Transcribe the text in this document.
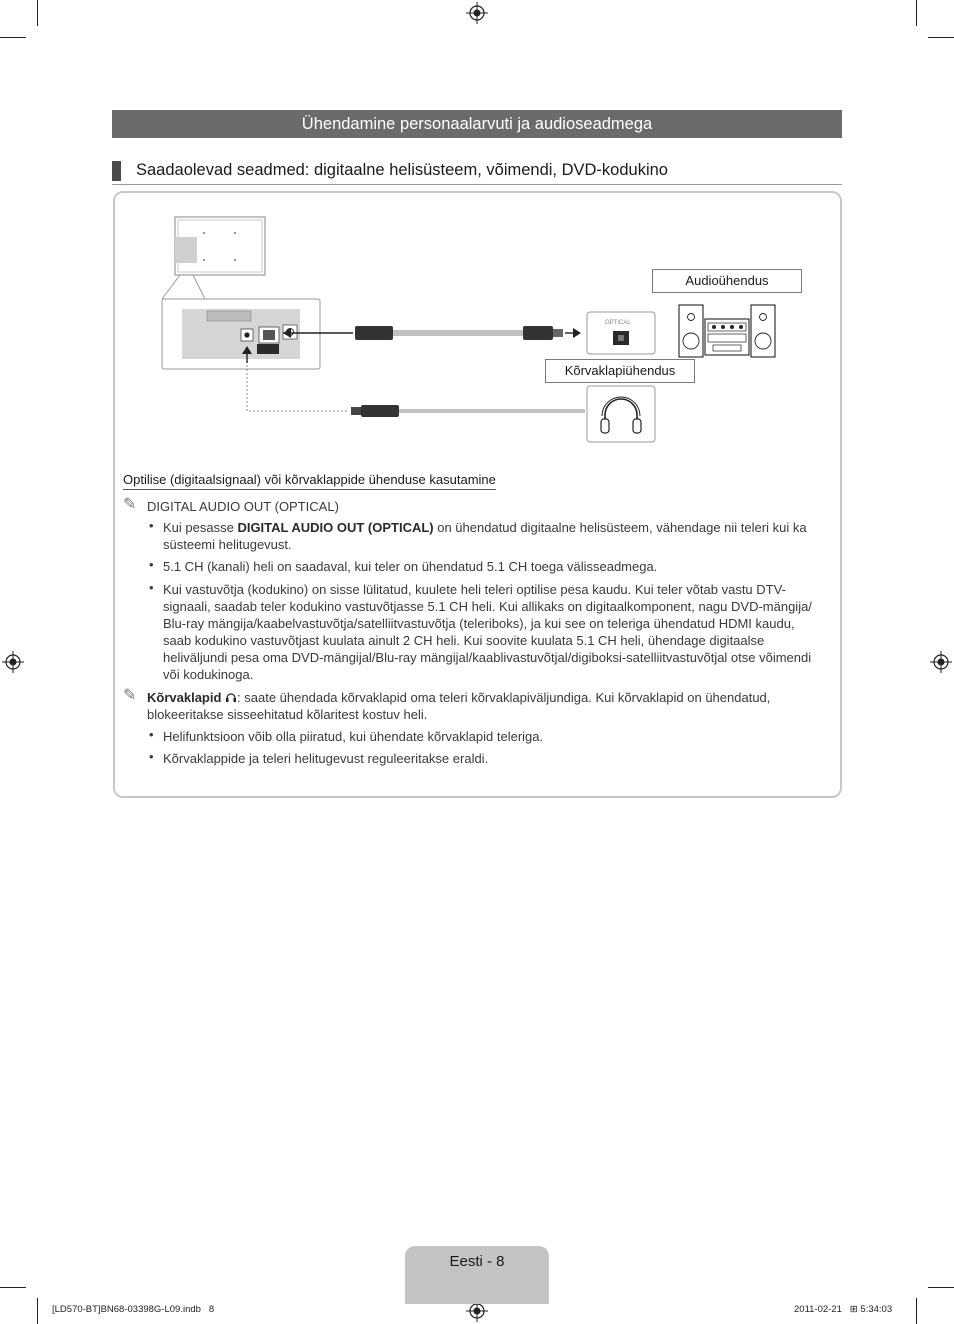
Ühendamine personaalarvuti ja audioseadmega
Saadaolevad seadmed: digitaalne helisüsteem, võimendi, DVD-kodukino
OPTICAL
Audioühendus
Kõrvaklapiühendus
Optilise (digitaalsignaal) või kõrvaklappide ühenduse kasutamine
✎ DIGITAL AUDIO OUT (OPTICAL)
• Kui pesasse DIGITAL AUDIO OUT (OPTICAL) on ühendatud digitaalne helisüsteem, vähendage nii teleri kui ka
süsteemi helitugevust.
• 5.1 CH (kanali) heli on saadaval, kui teler on ühendatud 5.1 CH toega välisseadmega.
• Kui vastuvõtja (kodukino) on sisse lülitatud, kuulete heli teleri optilise pesa kaudu. Kui teler võtab vastu DTV-
signaali, saadab teler kodukino vastuvõtjasse 5.1 CH heli. Kui allikaks on digitaalkomponent, nagu DVD-mängija/
Blu-ray mängija/kaabelvastuvõtja/satelliitvastuvõtja (teleriboks), ja kui see on teleriga ühendatud HDMI kaudu,
saab kodukino vastuvõtjast kuulata ainult 2 CH heli. Kui soovite kuulata 5.1 CH heli, ühendage digitaalse
heliväljundi pesa oma DVD-mängijal/Blu-ray mängijal/kaablivastuvõtjal/digiboksi-satelliitvastuvõtjal otse võimendi
või kodukinoga.
✎ Kõrvaklapid : saate ühendada kõrvaklapid oma teleri kõrvaklapiväljundiga. Kui kõrvaklapid on ühendatud,
blokeeritakse sisseehitatud kõlaritest kostuv heli.
• Helifunktsioon võib olla piiratud, kui ühendate kõrvaklapid teleriga.
• Kõrvaklappide ja teleri helitugevust reguleeritakse eraldi.
Eesti - 8
[LD570-BT]BN68-03398G-L09.indb   8	2011-02-21   ⊞ 5:34:03
